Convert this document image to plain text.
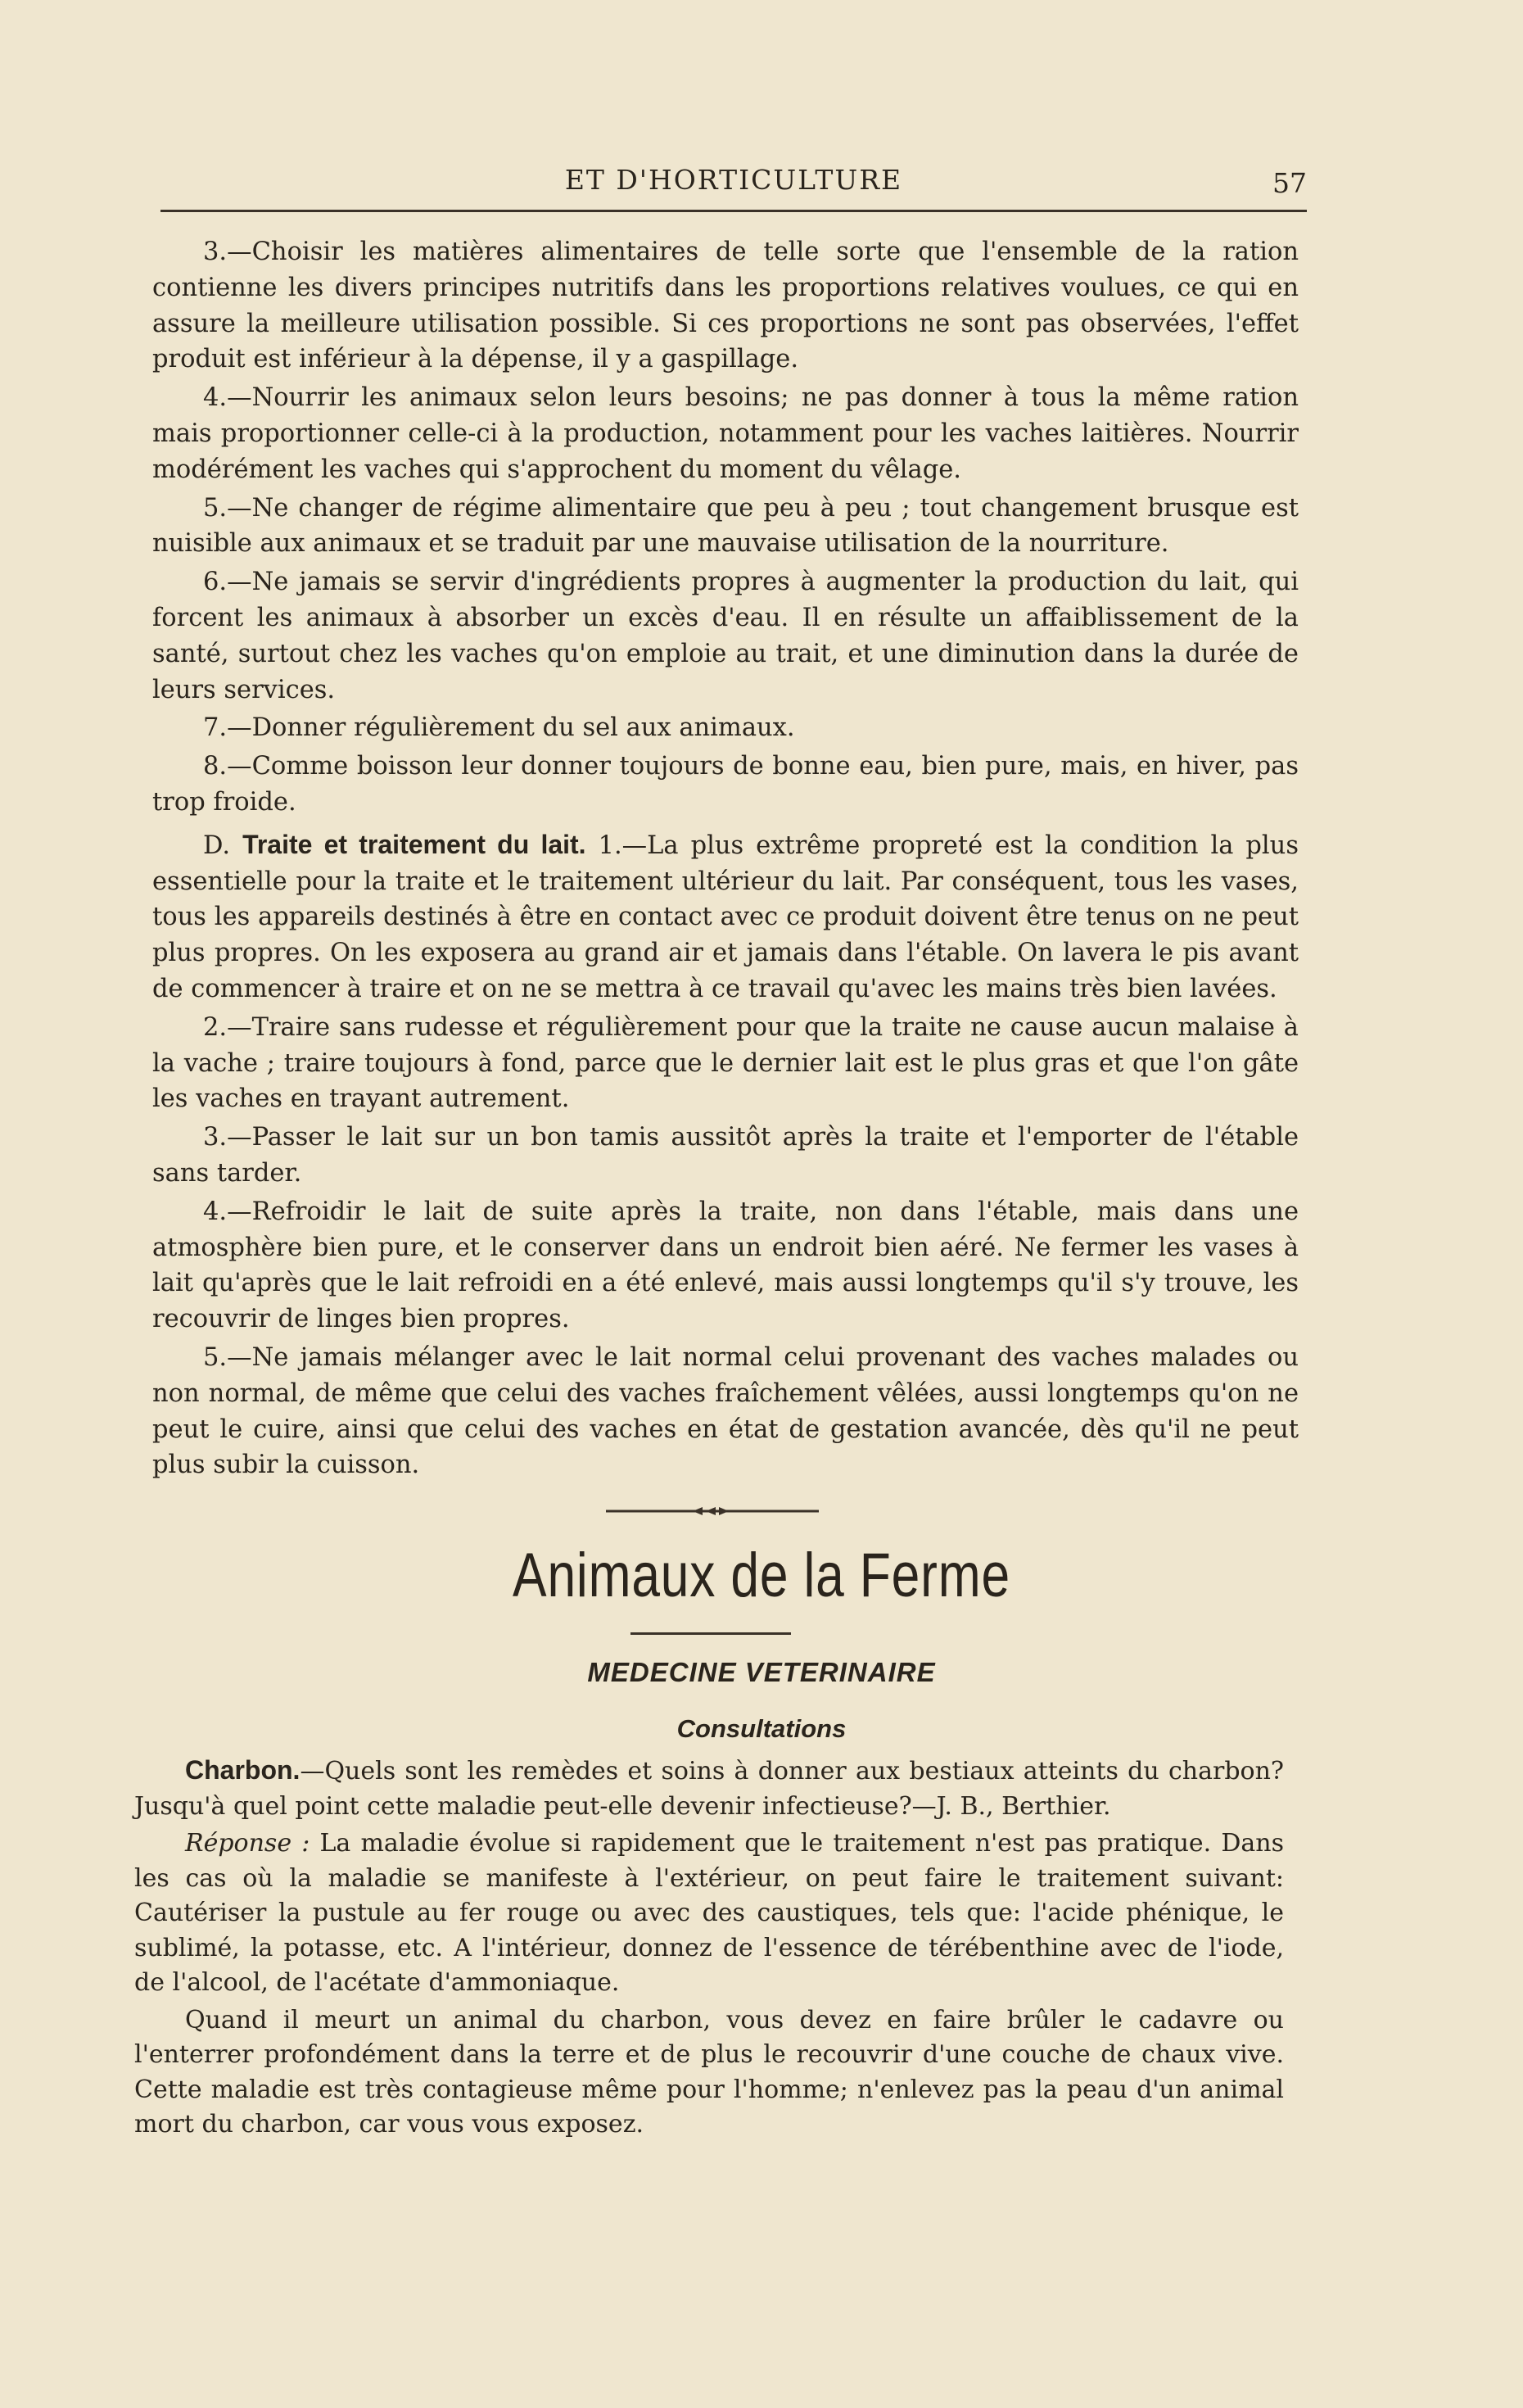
ET D'HORTICULTURE	57

3.—Choisir les matières alimentaires de telle sorte que l'ensemble de la ration contienne les divers principes nutritifs dans les proportions relatives voulues, ce qui en assure la meilleure utilisation possible. Si ces proportions ne sont pas observées, l'effet produit est inférieur à la dépense, il y a gaspillage.

4.—Nourrir les animaux selon leurs besoins; ne pas donner à tous la même ration mais proportionner celle-ci à la production, notamment pour les vaches laitières. Nourrir modérément les vaches qui s'approchent du moment du vêlage.

5.—Ne changer de régime alimentaire que peu à peu ; tout changement brusque est nuisible aux animaux et se traduit par une mauvaise utilisation de la nourriture.

6.—Ne jamais se servir d'ingrédients propres à augmenter la production du lait, qui forcent les animaux à absorber un excès d'eau. Il en résulte un affaiblissement de la santé, surtout chez les vaches qu'on emploie au trait, et une diminution dans la durée de leurs services.

7.—Donner régulièrement du sel aux animaux.

8.—Comme boisson leur donner toujours de bonne eau, bien pure, mais, en hiver, pas trop froide.

D. Traite et traitement du lait. 1.—La plus extrême propreté est la condition la plus essentielle pour la traite et le traitement ultérieur du lait. Par conséquent, tous les vases, tous les appareils destinés à être en contact avec ce produit doivent être tenus on ne peut plus propres. On les exposera au grand air et jamais dans l'étable. On lavera le pis avant de commencer à traire et on ne se mettra à ce travail qu'avec les mains très bien lavées.

2.—Traire sans rudesse et régulièrement pour que la traite ne cause aucun malaise à la vache ; traire toujours à fond, parce que le dernier lait est le plus gras et que l'on gâte les vaches en trayant autrement.

3.—Passer le lait sur un bon tamis aussitôt après la traite et l'emporter de l'étable sans tarder.

4.—Refroidir le lait de suite après la traite, non dans l'étable, mais dans une atmosphère bien pure, et le conserver dans un endroit bien aéré. Ne fermer les vases à lait qu'après que le lait refroidi en a été enlevé, mais aussi longtemps qu'il s'y trouve, les recouvrir de linges bien propres.

5.—Ne jamais mélanger avec le lait normal celui provenant des vaches malades ou non normal, de même que celui des vaches fraîchement vêlées, aussi longtemps qu'on ne peut le cuire, ainsi que celui des vaches en état de gestation avancée, dès qu'il ne peut plus subir la cuisson.

Animaux de la Ferme
MEDECINE VETERINAIRE
Consultations

Charbon.—Quels sont les remèdes et soins à donner aux bestiaux atteints du charbon? Jusqu'à quel point cette maladie peut-elle devenir infectieuse?—J. B., Berthier.

Réponse : La maladie évolue si rapidement que le traitement n'est pas pratique. Dans les cas où la maladie se manifeste à l'extérieur, on peut faire le traitement suivant: Cautériser la pustule au fer rouge ou avec des caustiques, tels que: l'acide phénique, le sublimé, la potasse, etc. A l'intérieur, donnez de l'essence de térébenthine avec de l'iode, de l'alcool, de l'acétate d'ammoniaque.

Quand il meurt un animal du charbon, vous devez en faire brûler le cadavre ou l'enterrer profondément dans la terre et de plus le recouvrir d'une couche de chaux vive. Cette maladie est très contagieuse même pour l'homme; n'enlevez pas la peau d'un animal mort du charbon, car vous vous exposez.
